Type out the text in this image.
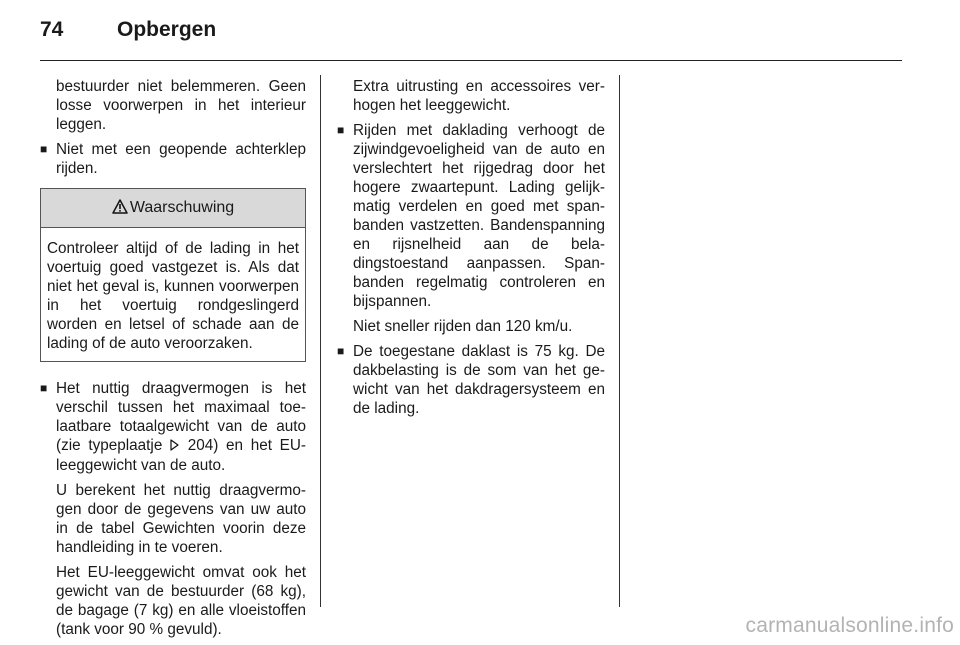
74	Opbergen

bestuurder niet belemmeren. Geen losse voorwerpen in het interieur leggen.

■ Niet met een geopende achterklep rijden.
Waarschuwing
Controleer altijd of de lading in het voertuig goed vastgezet is. Als dat niet het geval is, kunnen voorwerpen in het voertuig rondgeslingerd worden en letsel of schade aan de lading of de auto veroorzaken.
■ Het nuttig draagvermogen is het verschil tussen het maximaal toelaatbare totaalgewicht van de auto (zie typeplaatje  204) en het EU-leeggewicht van de auto.

U berekent het nuttig draagvermogen door de gegevens van uw auto in de tabel Gewichten voorin deze handleiding in te voeren.

Het EU-leeggewicht omvat ook het gewicht van de bestuurder (68 kg), de bagage (7 kg) en alle vloeistoffen (tank voor 90 % gevuld).

Extra uitrusting en accessoires verhogen het leeggewicht.

■ Rijden met daklading verhoogt de zijwindgevoeligheid van de auto en verslechtert het rijgedrag door het hogere zwaartepunt. Lading gelijkmatig verdelen en goed met spanbanden vastzetten. Bandenspanning en rijsnelheid aan de beladingstoestand aanpassen. Spanbanden regelmatig controleren en bijspannen.

Niet sneller rijden dan 120 km/u.

■ De toegestane daklast is 75 kg. De dakbelasting is de som van het gewicht van het dakdragersysteem en de lading.
carmanualsonline.info
